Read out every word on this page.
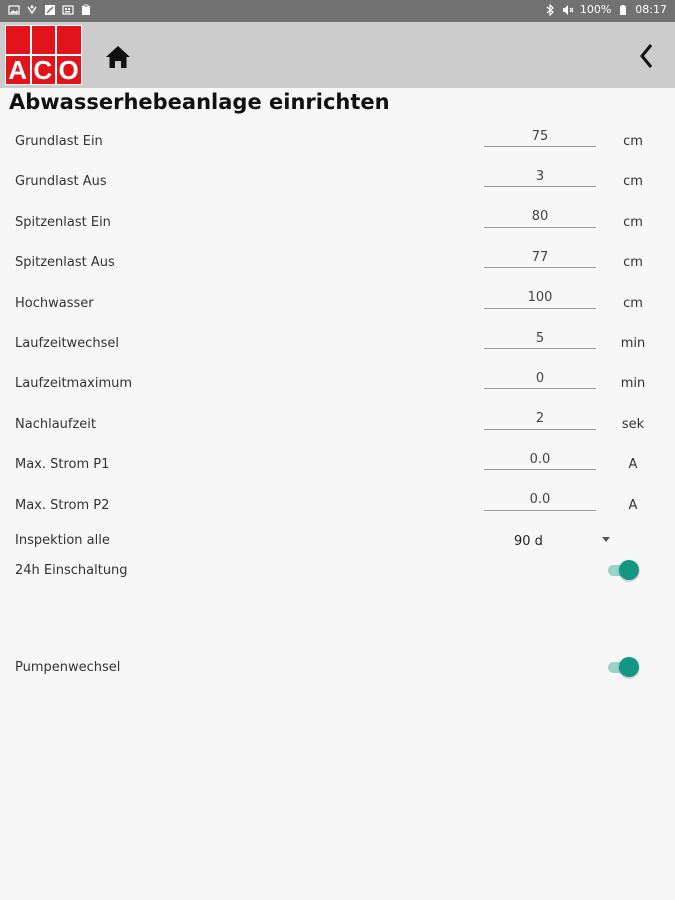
100% 08:17
A C O
Abwasserhebeanlage einrichten
Grundlast Ein
75	cm
Grundlast Aus
3	cm
Spitzenlast Ein
80	cm
Spitzenlast Aus
77	cm
Hochwasser
100	cm
Laufzeitwechsel
5	min
Laufzeitmaximum
0	min
Nachlaufzeit
2	sek
Max. Strom P1
0.0	A
Max. Strom P2
0.0	A
Inspektion alle	90 d
24h Einschaltung
Pumpenwechsel
